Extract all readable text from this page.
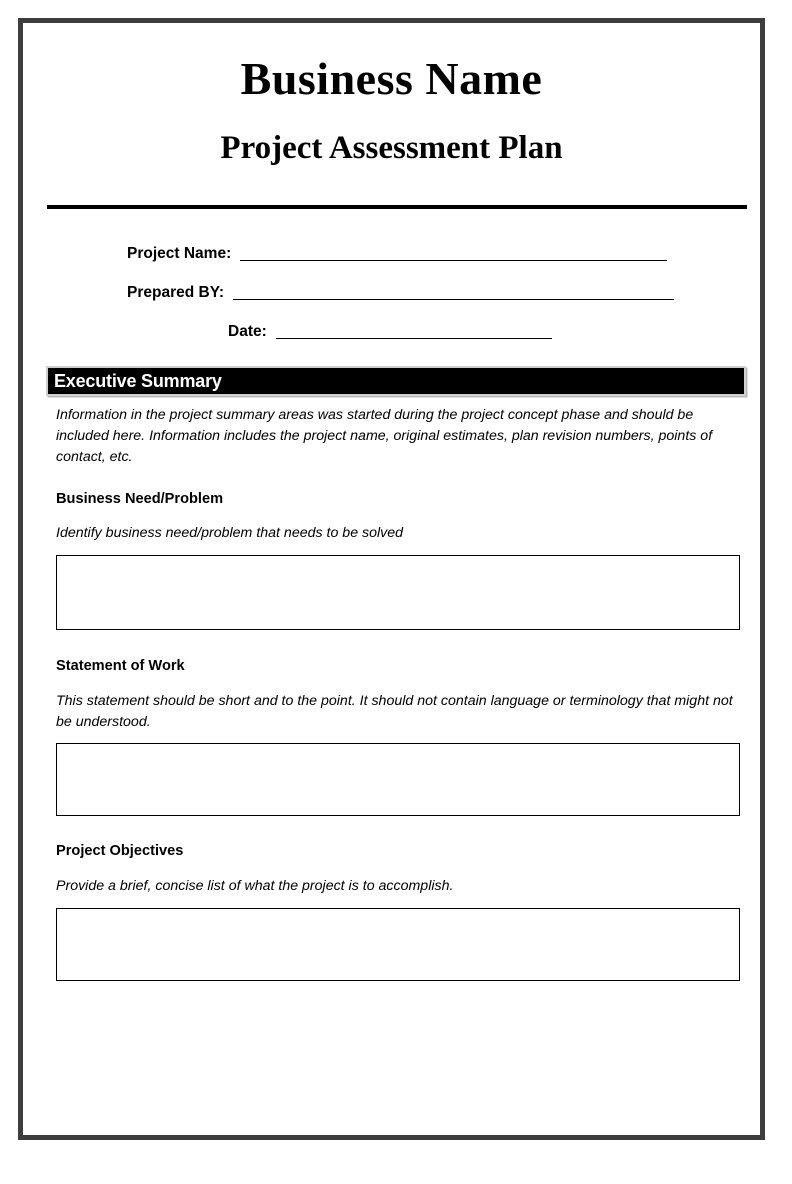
Business Name
Project Assessment Plan
Project Name:
Prepared BY:
Date:
Executive Summary

Information in the project summary areas was started during the project concept phase and should be included here. Information includes the project name, original estimates, plan revision numbers, points of contact, etc.

Business Need/Problem

Identify business need/problem that needs to be solved

Statement of Work

This statement should be short and to the point. It should not contain language or terminology that might not be understood.

Project Objectives

Provide a brief, concise list of what the project is to accomplish.
